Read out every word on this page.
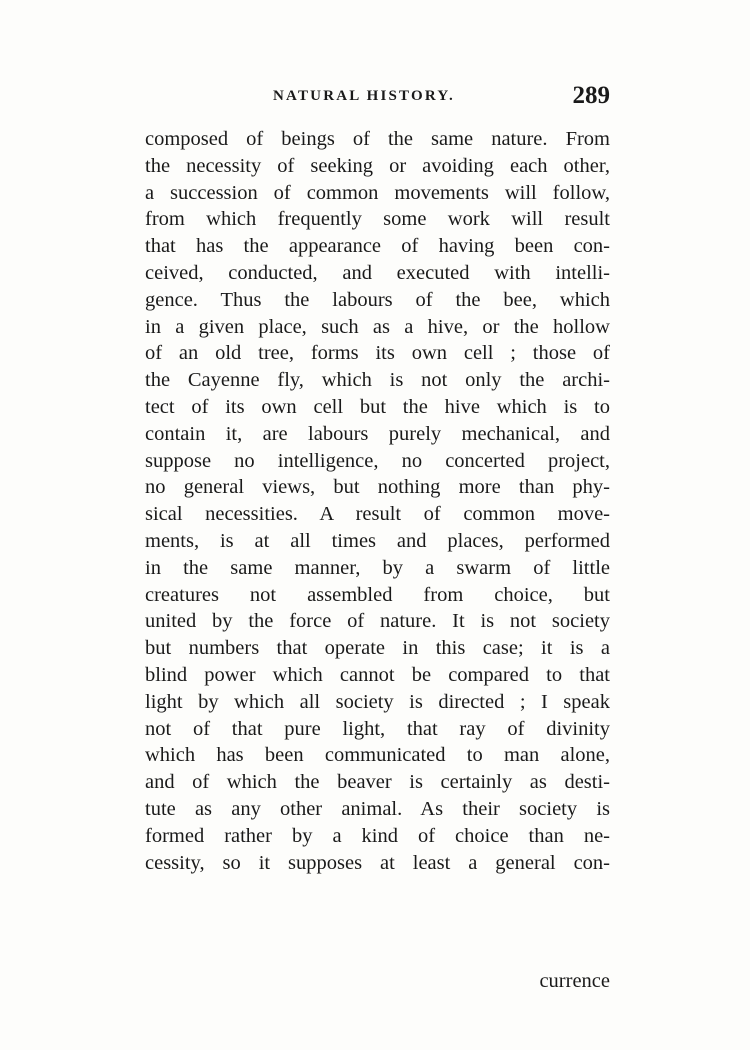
NATURAL HISTORY.	289
composed of beings of the same nature. From
the necessity of seeking or avoiding each other,
a succession of common movements will follow,
from which frequently some work will result
that has the appearance of having been con-
ceived, conducted, and executed with intelli-
gence. Thus the labours of the bee, which
in a given place, such as a hive, or the hollow
of an old tree, forms its own cell ; those of
the Cayenne fly, which is not only the archi-
tect of its own cell but the hive which is to
contain it, are labours purely mechanical, and
suppose no intelligence, no concerted project,
no general views, but nothing more than phy-
sical necessities. A result of common move-
ments, is at all times and places, performed
in the same manner, by a swarm of little
creatures not assembled from choice, but
united by the force of nature. It is not society
but numbers that operate in this case; it is a
blind power which cannot be compared to that
light by which all society is directed ; I speak
not of that pure light, that ray of divinity
which has been communicated to man alone,
and of which the beaver is certainly as desti-
tute as any other animal. As their society is
formed rather by a kind of choice than ne-
cessity, so it supposes at least a general con-
currence
